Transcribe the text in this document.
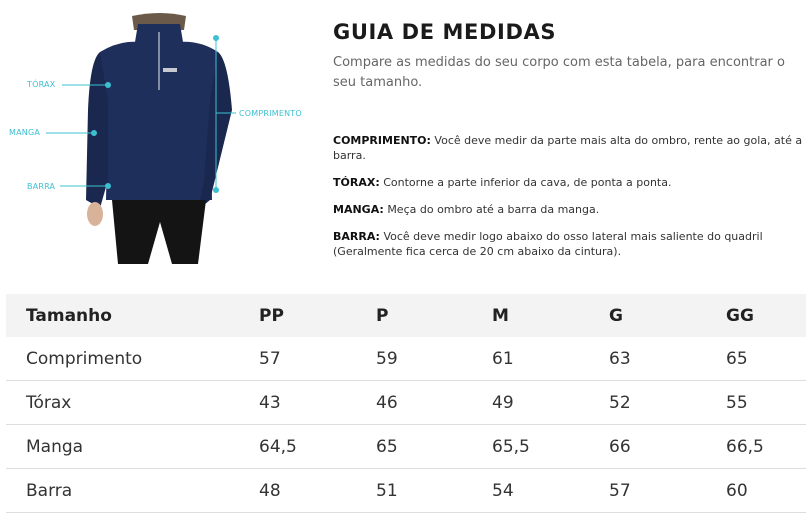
TÓRAX
MANGA
BARRA
COMPRIMENTO
GUIA DE MEDIDAS
Compare as medidas do seu corpo com esta tabela, para encontrar o seu tamanho.
COMPRIMENTO: Você deve medir da parte mais alta do ombro, rente ao gola, até a barra.
TÓRAX: Contorne a parte inferior da cava, de ponta a ponta.
MANGA: Meça do ombro até a barra da manga.
BARRA: Você deve medir logo abaixo do osso lateral mais saliente do quadril (Geralmente fica cerca de 20 cm abaixo da cintura).
Tamanho	PP	P	M	G	GG
Comprimento	57	59	61	63	65
Tórax	43	46	49	52	55
Manga	64,5	65	65,5	66	66,5
Barra	48	51	54	57	60
